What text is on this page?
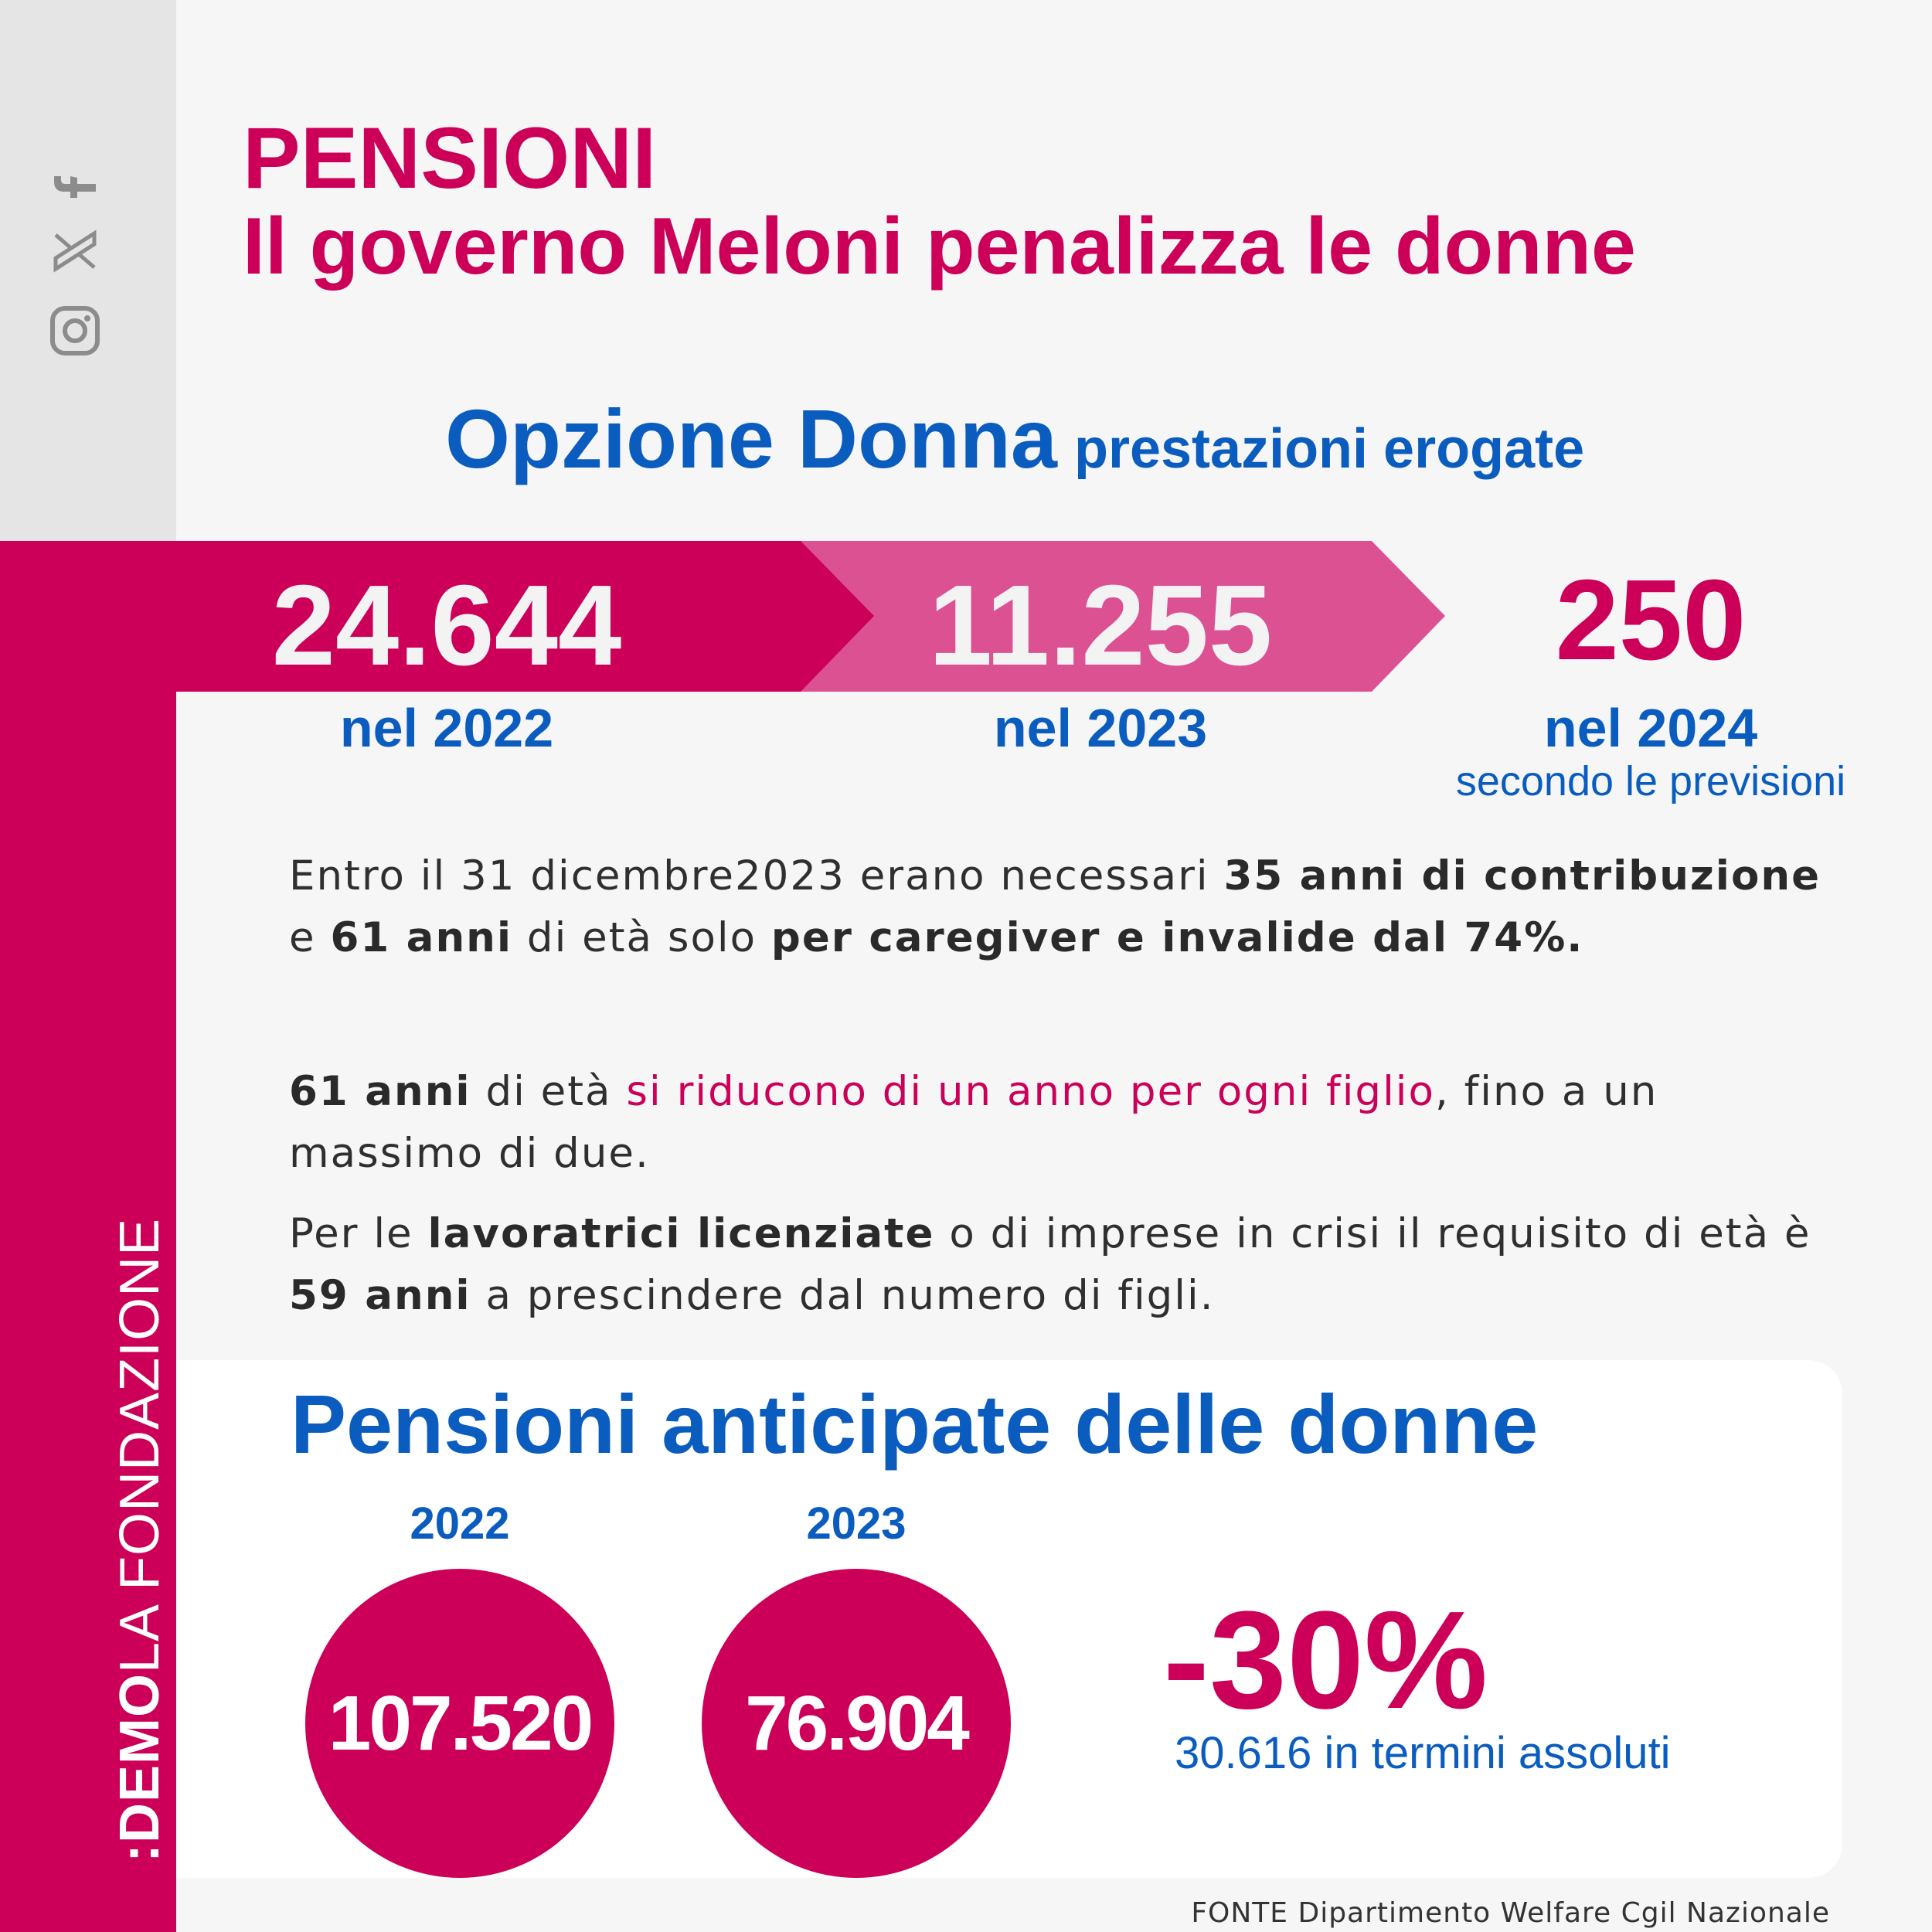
:DEMOLA FONDAZIONE
PENSIONI
Il governo Meloni penalizza le donne
Opzione Donna prestazioni erogate
24.644	11.255	250
nel 2022	nel 2023	nel 2024
secondo le previsioni

Entro il 31 dicembre2023 erano necessari 35 anni di contribuzione e 61 anni di età solo per caregiver e invalide dal 74%.

61 anni di età si riducono di un anno per ogni figlio, fino a un massimo di due.

Per le lavoratrici licenziate o di imprese in crisi il requisito di età è 59 anni a prescindere dal numero di figli.

Pensioni anticipate delle donne
2022	2023
107.520 76.904 -30%
30.616 in termini assoluti
FONTE Dipartimento Welfare Cgil Nazionale
